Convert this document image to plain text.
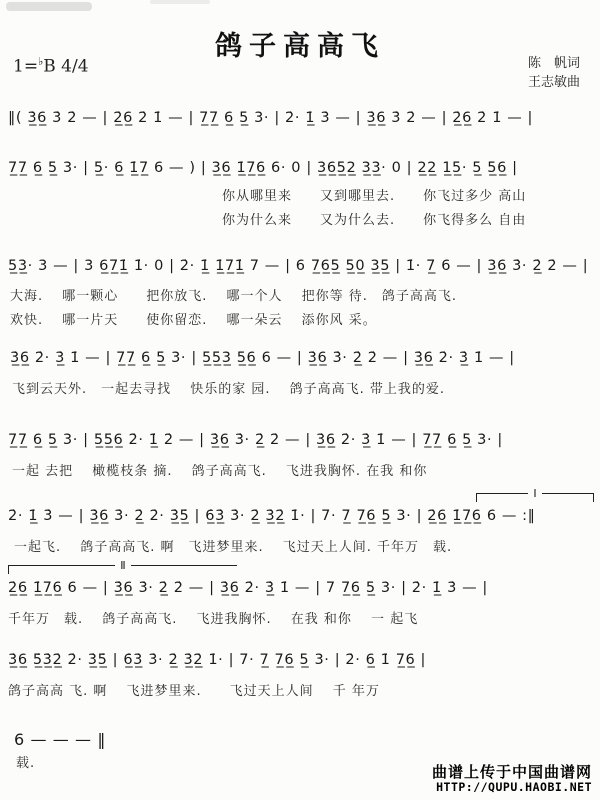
鸽子高高飞
1=♭B 4/4	陈　帆词
王志敏曲
‖( 3̲̇6̲ 3̇ 2̇ — | 2̲̇6̲ 2̇ 1̇ — | 7̲7̲ 6̲ 5̲ 3· | 2̇· 1̲̇ 3̇ — | 3̲̇6̲ 3̇ 2̇ — | 2̲̇6̲ 2̇ 1̇ — |
7̲7̲ 6̲ 5̲ 3· | 5̲· 6̲ 1̲̇7̲ 6 — ) | 3̲6̲ 1̲̇7̲6̲ 6· 0 | 3̲6̲5̲2̲ 3̲3̲· 0 | 2̲2̲ 1̲5̲· 5̲ 5̲6̲ |
你从哪里来　　又到哪里去.　　你飞过多少 高山
你为什么来　　又为什么去.　　你飞得多么 自由
5̲3̲· 3 — | 3 6̲7̲1̲̇ 1̇· 0 | 2̇· 1̲̇ 1̲̇7̲1̲̇ 7 — | 6 7̲6̲5̲ 5̲0̲ 3̲5̲ | 1̇· 7̲ 6 — | 3̲6̲ 3̇· 2̲̇ 2̇ — |
大海.　 哪一颗心　　把你放飞.　 哪一个人　 把你等 待.　鸽子高高飞.
欢快.　 哪一片天　　使你留恋.　 哪一朵云　 添你风 采。
3̲̇6̲ 2̇· 3̲̇ 1̇ — | 7̲7̲ 6̲ 5̲ 3· | 5̲5̲3̲ 5̲6̲ 6 — | 3̲̇6̲ 3̇· 2̲̇ 2̇ — | 3̲̇6̲ 2̇· 3̲̇ 1̇ — |
飞到云天外.　一起去寻找　 快乐的家 园.　 鸽子高高飞. 带上我的爱.
7̲7̲ 6̲ 5̲ 3· | 5̲5̲6̲ 2̇· 1̲̇ 2̇ — | 3̲̇6̲ 3̇· 2̲̇ 2̇ — | 3̲̇6̲ 2̇· 3̲̇ 1̇ — | 7̲7̲ 6̲ 5̲ 3· |
一起 去把　 橄榄枝条 摘.　 鸽子高高飞.　 飞进我胸怀. 在我 和你
Ⅰ
2̇· 1̲̇ 3̇ — | 3̲̇6̲ 3̇· 2̲̇ 2̇· 3̲̇5̲̇ | 6̲̇3̲̇ 3̇· 2̲̇ 3̲̇2̲̇ 1̇· | 7· 7̲ 7̲6̲ 5̲ 3· | 2̲̇6̲ 1̲̇7̲6̲ 6 — :‖
一起飞.　 鸽子高高飞. 啊　飞进梦里来.　 飞过天上人间. 千年万　载.
Ⅱ
2̲̇6̲ 1̲̇7̲6̲ 6 — | 3̲̇6̲ 3̇· 2̲̇ 2̇ — | 3̲̇6̲ 2̇· 3̲̇ 1̇ — | 7 7̲6̲ 5̲ 3· | 2̇· 1̲̇ 3̇ — |
千年万　载.　 鸽子高高飞.　 飞进我胸怀.　 在我 和你　 一 起飞
3̲̇6̲ 5̲̇3̲̇2̲̇ 2̇· 3̲̇5̲̇ | 6̲̇3̲̇ 3̇· 2̲̇ 3̲̇2̲̇ 1̇· | 7· 7̲ 7̲6̲ 5̲ 3· | 2̇· 6̲ 1̇ 7̲6̲ |
鸽子高高 飞. 啊　 飞进梦里来.　　飞过天上人间　 千 年万
6 — — — ‖
载.	曲谱上传于中国曲谱网
HTTP://QUPU.HAOBI.NET
